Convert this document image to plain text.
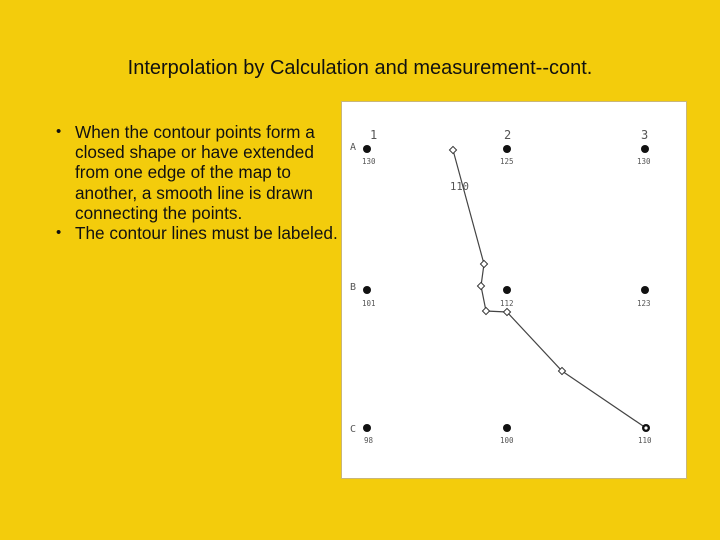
Interpolation by Calculation and measurement--cont.
• When the contour points form a closed shape or have extended from one edge of the map to another, a smooth line is drawn connecting the points.
• The contour lines must be labeled.
1	2	3
A
B
C
110
130	125	130
101	112	123
98	100	110
